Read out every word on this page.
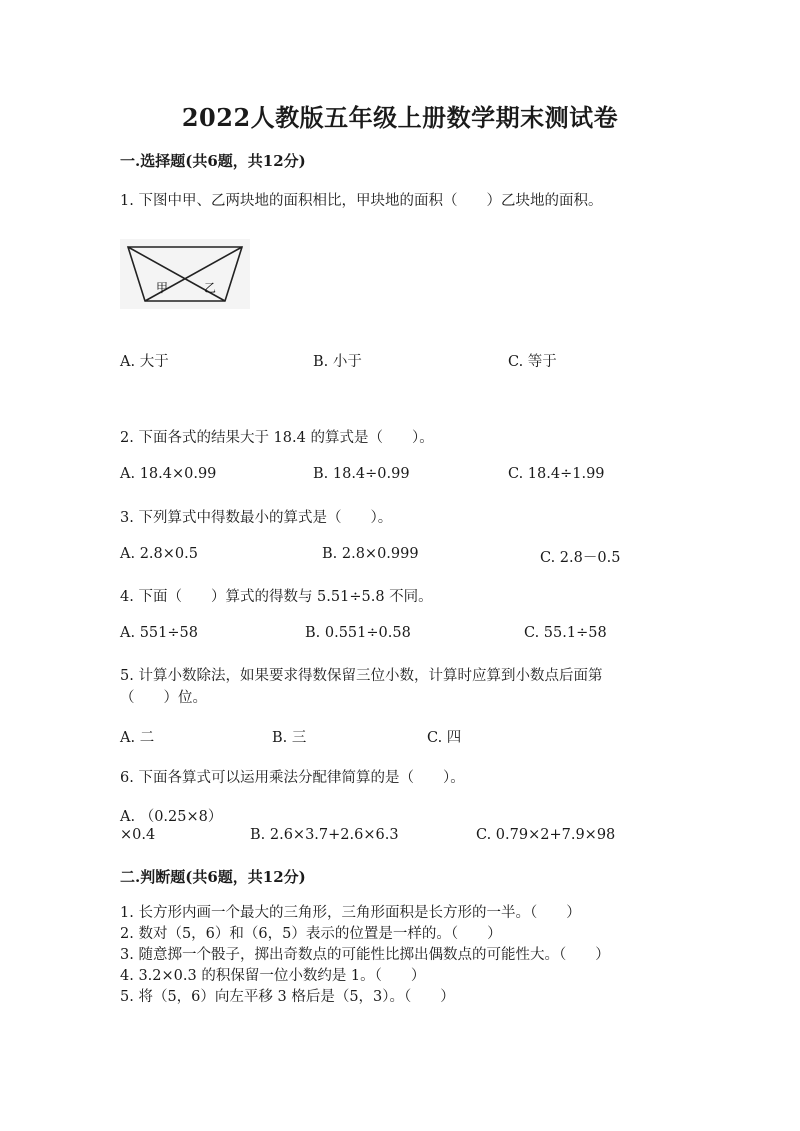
2022人教版五年级上册数学期末测试卷
一.选择题(共6题，共12分)
1. 下图中甲、乙两块地的面积相比，甲块地的面积（　　）乙块地的面积。
甲	乙
A. 大于	B. 小于	C. 等于
2. 下面各式的结果大于 18.4 的算式是（　　）。
A. 18.4×0.99	B. 18.4÷0.99	C. 18.4÷1.99
3. 下列算式中得数最小的算式是（　　）。
A. 2.8×0.5	B. 2.8×0.999	C. 2.8－0.5
4. 下面（　　）算式的得数与 5.51÷5.8 不同。
A. 551÷58	B. 0.551÷0.58	C. 55.1÷58
5. 计算小数除法，如果要求得数保留三位小数，计算时应算到小数点后面第
（　　）位。
A. 二	B. 三	C. 四
6. 下面各算式可以运用乘法分配律简算的是（　　）。
A. （0.25×8）
×0.4	B. 2.6×3.7+2.6×6.3	C. 0.79×2+7.9×98
二.判断题(共6题，共12分)
1. 长方形内画一个最大的三角形，三角形面积是长方形的一半。（　　）
2. 数对（5，6）和（6，5）表示的位置是一样的。（　　）
3. 随意掷一个骰子，掷出奇数点的可能性比掷出偶数点的可能性大。（　　）
4. 3.2×0.3 的积保留一位小数约是 1。（　　）
5. 将（5，6）向左平移 3 格后是（5，3）。（　　）
